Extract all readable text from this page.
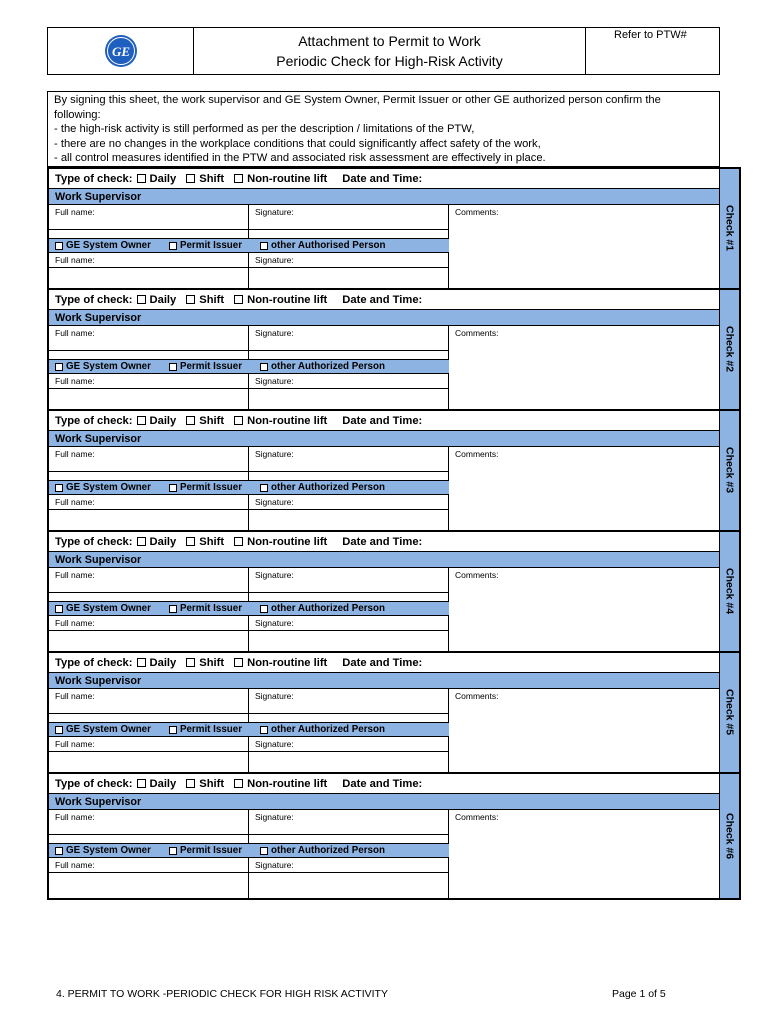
GE
Attachment to Permit to Work
Periodic Check for High-Risk Activity
Refer to PTW#
By signing this sheet, the work supervisor and GE System Owner, Permit Issuer or other GE authorized person confirm the
following:
- the high-risk activity is still performed as per the description / limitations of the PTW,
- there are no changes in the workplace conditions that could significantly affect safety of the work,
- all control measures identified in the PTW and associated risk assessment are effectively in place.
Type of check: Daily Shift Non-routine lift Date and Time:
Work Supervisor
Full name:	Signature:
GE System Owner	Permit Issuer	other Authorised Person
Full name:	Signature:
Comments:	Check #1
Type of check: Daily Shift Non-routine lift Date and Time:
Work Supervisor
Full name:	Signature:
GE System Owner	Permit Issuer	other Authorized Person
Full name:	Signature:
Comments:	Check #2
Type of check: Daily Shift Non-routine lift Date and Time:
Work Supervisor
Full name:	Signature:
GE System Owner	Permit Issuer	other Authorized Person
Full name:	Signature:
Comments:	Check #3
Type of check: Daily Shift Non-routine lift Date and Time:
Work Supervisor
Full name:	Signature:
GE System Owner	Permit Issuer	other Authorized Person
Full name:	Signature:
Comments:	Check #4
Type of check: Daily Shift Non-routine lift Date and Time:
Work Supervisor
Full name:	Signature:
GE System Owner	Permit Issuer	other Authorized Person
Full name:	Signature:
Comments:	Check #5
Type of check: Daily Shift Non-routine lift Date and Time:
Work Supervisor
Full name:	Signature:
GE System Owner	Permit Issuer	other Authorized Person
Full name:	Signature:
Comments:	Check #6
4. PERMIT TO WORK -PERIODIC CHECK FOR HIGH RISK ACTIVITY	Page 1 of 5
